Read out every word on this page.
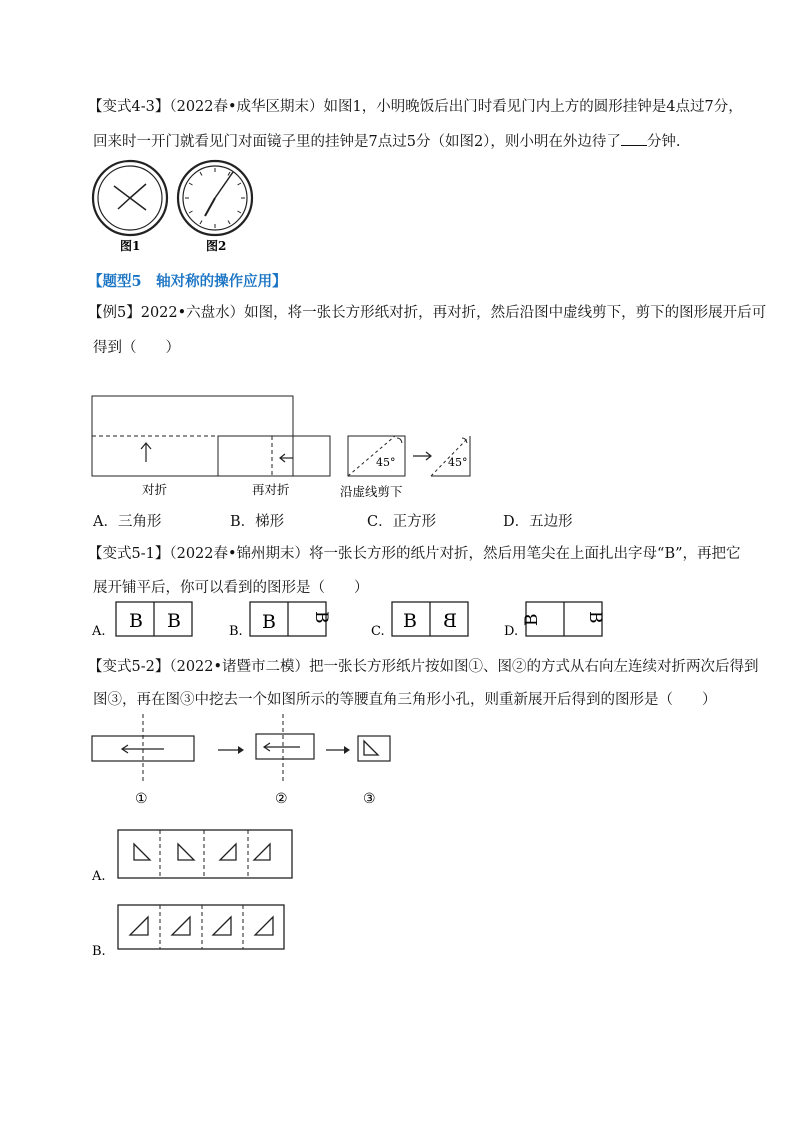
【变式4-3】（2022春•成华区期末）如图1，小明晚饭后出门时看见门内上方的圆形挂钟是4点过7分，
回来时一开门就看见门对面镜子里的挂钟是7点过5分（如图2），则小明在外边待了 分钟.
图1	图2
【题型5　轴对称的操作应用】
【例5】2022•六盘水）如图，将一张长方形纸对折，再对折，然后沿图中虚线剪下，剪下的图形展开后可
得到（　　）
45°	45°
对折	再对折	沿虚线剪下
A．三角形	B．梯形	C．正方形	D．五边形
【变式5-1】（2022春•锦州期末）将一张长方形的纸片对折，然后用笔尖在上面扎出字母“B”，再把它
展开铺平后，你可以看到的图形是（　　）
A. B B	B. B B
C. B B	D.
B	B
【变式5-2】（2022•诸暨市二模）把一张长方形纸片按如图①、图②的方式从右向左连续对折两次后得到
图③，再在图③中挖去一个如图所示的等腰直角三角形小孔，则重新展开后得到的图形是（　　）
①	②	③
A.
B.
